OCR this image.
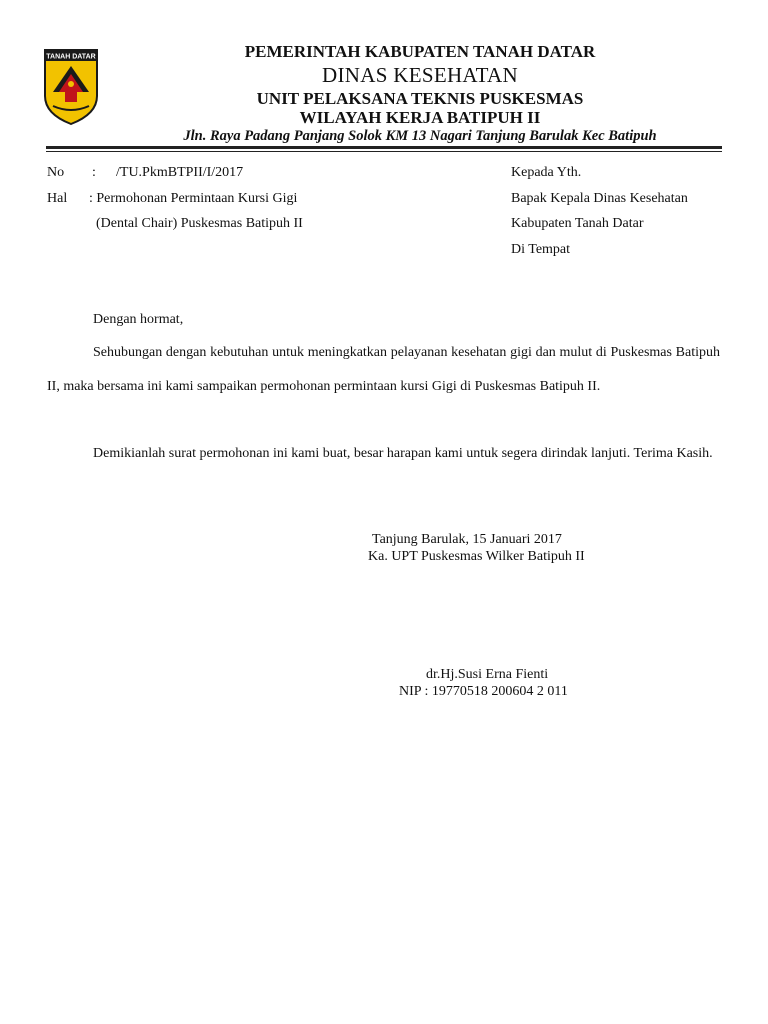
TANAH DATAR	PEMERINTAH KABUPATEN TANAH DATAR
DINAS KESEHATAN
UNIT PELAKSANA TEKNIS PUSKESMAS
WILAYAH KERJA BATIPUH II
Jln. Raya Padang Panjang Solok KM 13 Nagari Tanjung Barulak Kec Batipuh
No : /TU.PkmBTPII/I/2017
Hal : Permohonan Permintaan Kursi Gigi
(Dental Chair) Puskesmas Batipuh II
Kepada Yth.
Bapak Kepala Dinas Kesehatan
Kabupaten Tanah Datar
Di Tempat
Dengan hormat,
Sehubungan dengan kebutuhan untuk meningkatkan pelayanan kesehatan gigi dan mulut di Puskesmas Batipuh II, maka bersama ini kami sampaikan permohonan permintaan kursi Gigi di Puskesmas Batipuh II.
Demikianlah surat permohonan ini kami buat, besar harapan kami untuk segera dirindak lanjuti. Terima Kasih.
Tanjung Barulak, 15 Januari 2017
Ka. UPT Puskesmas Wilker Batipuh II
dr.Hj.Susi Erna Fienti
NIP : 19770518 200604 2 011
